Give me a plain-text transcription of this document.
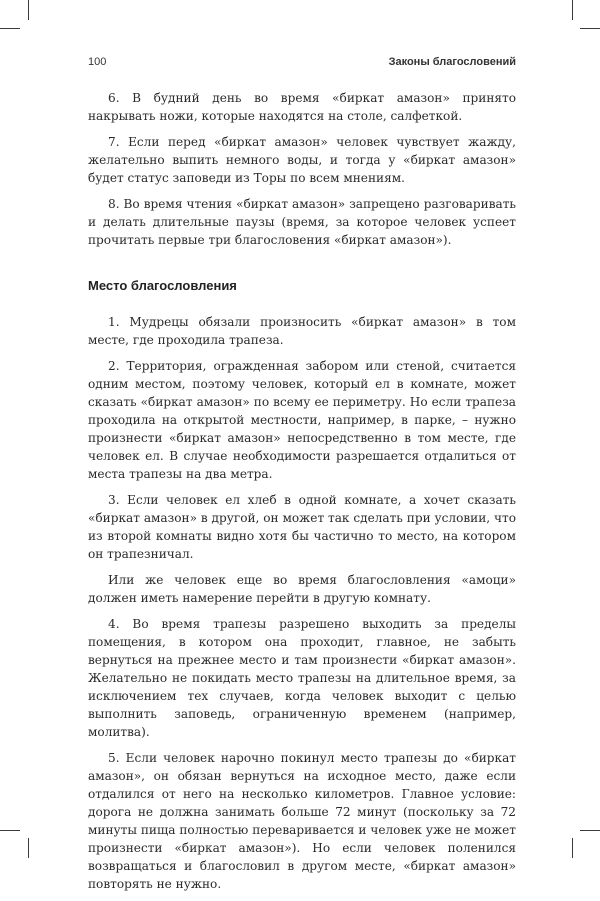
100	Законы благословений

6. В будний день во время «биркат амазон» принято накрывать ножи, которые находятся на столе, салфеткой.

7. Если перед «биркат амазон» человек чувствует жажду, желательно выпить немного воды, и тогда у «биркат амазон» будет статус заповеди из Торы по всем мнениям.

8. Во время чтения «биркат амазон» запрещено разговаривать и делать длительные паузы (время, за которое человек успеет прочитать первые три благословения «биркат амазон»).

Место благословления

1. Мудрецы обязали произносить «биркат амазон» в том месте, где проходила трапеза.

2. Территория, огражденная забором или стеной, считается одним местом, поэтому человек, который ел в комнате, может сказать «биркат амазон» по всему ее периметру. Но если трапеза проходила на открытой местности, например, в парке, – нужно произнести «биркат амазон» непосредственно в том месте, где человек ел. В случае необходимости разрешается отдалиться от места трапезы на два метра.

3. Если человек ел хлеб в одной комнате, а хочет сказать «биркат амазон» в другой, он может так сделать при условии, что из второй комнаты видно хотя бы частично то место, на котором он трапезничал.

Или же человек еще во время благословления «амоци» должен иметь намерение перейти в другую комнату.

4. Во время трапезы разрешено выходить за пределы помещения, в котором она проходит, главное, не забыть вернуться на прежнее место и там произнести «биркат амазон». Желательно не покидать место трапезы на длительное время, за исключением тех случаев, когда человек выходит с целью выполнить заповедь, ограниченную временем (например, молитва).

5. Если человек нарочно покинул место трапезы до «биркат амазон», он обязан вернуться на исходное место, даже если отдалился от него на несколько километров. Главное условие: дорога не должна занимать больше 72 минут (поскольку за 72 минуты пища полностью переваривается и человек уже не может произнести «биркат амазон»). Но если человек поленился возвращаться и благословил в другом месте, «биркат амазон» повторять не нужно.
